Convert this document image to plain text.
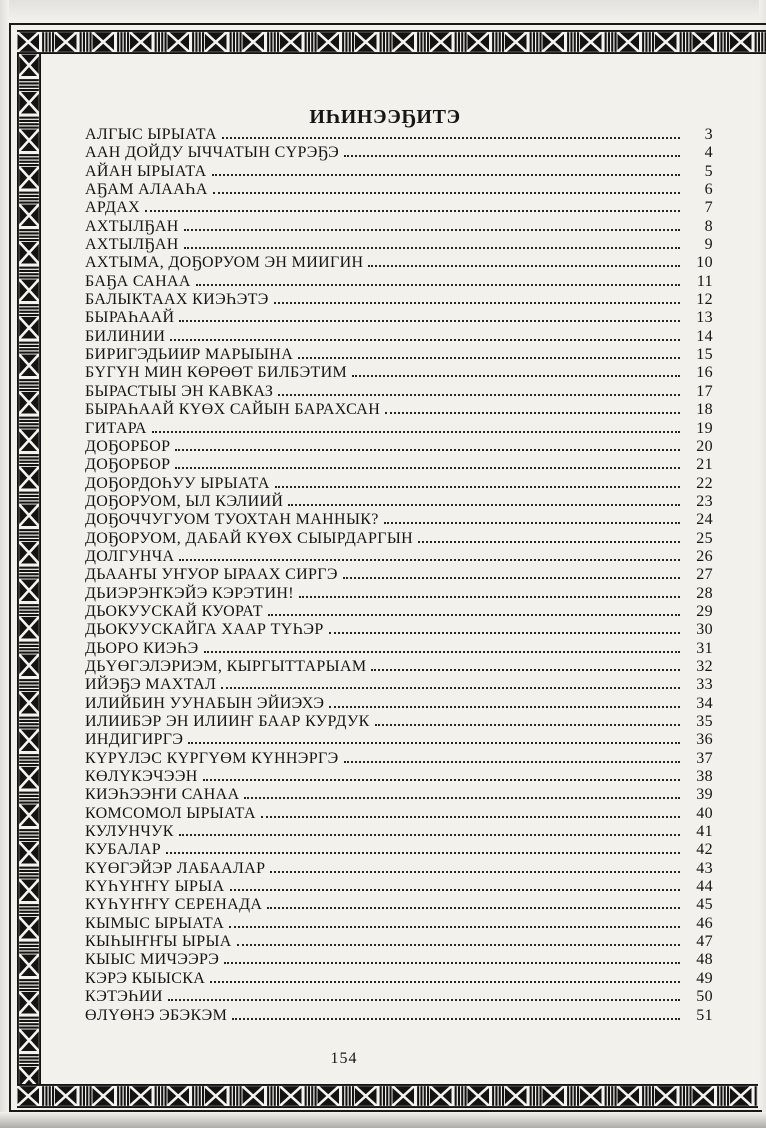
ИҺИНЭЭҔИТЭ
АЛГЫС ЫРЫАТА	3
ААН ДОЙДУ ЫЧЧАТЫН СҮРЭҔЭ	4
АЙАН ЫРЫАТА	5
АҔАМ АЛААҺА	6
АРДАХ	7
АХТЫЛҔАН	8
АХТЫЛҔАН	9
АХТЫМА, ДОҔОРУОМ ЭН МИИГИН	10
БАҔА САНАА	11
БАЛЫКТААХ КИЭҺЭТЭ	12
БЫРАҺААЙ	13
БИЛИНИИ	14
БИРИГЭДЬИИР МАРЫЫНА	15
БҮГҮН МИН КӨРӨӨТ БИЛБЭТИМ	16
БЫРАСТЫЫ ЭН КАВКАЗ	17
БЫРАҺААЙ КҮӨХ САЙЫН БАРАХСАН	18
ГИТАРА	19
ДОҔОРБОР	20
ДОҔОРБОР	21
ДОҔОРДОҺУУ ЫРЫАТА	22
ДОҔОРУОМ, ЫЛ КЭЛИИЙ	23
ДОҔОЧЧУГУОМ ТУОХТАН МАННЫК?	24
ДОҔОРУОМ, ДАБАЙ КҮӨХ СЫЫРДАРГЫН	25
ДОЛГУНЧА	26
ДЬААҤЫ УҤУОР ЫРААХ СИРГЭ	27
ДЬИЭРЭҤКЭЙЭ КЭРЭТИН!	28
ДЬОКУУСКАЙ КУОРАТ	29
ДЬОКУУСКАЙГА ХААР ТҮҺЭР	30
ДЬОРО КИЭҺЭ	31
ДЬҮӨГЭЛЭРИЭМ, КЫРГЫТТАРЫАМ	32
ИЙЭҔЭ МАХТАЛ	33
ИЛИЙБИН УУНАБЫН ЭЙИЭХЭ	34
ИЛИИБЭР ЭН ИЛИИҤ БААР КУРДУК	35
ИНДИГИРГЭ	36
КҮРҮЛЭС КҮРГҮӨМ КҮННЭРГЭ	37
КӨЛҮКЭЧЭЭН	38
КИЭҺЭЭҤИ САНАА	39
КОМСОМОЛ ЫРЫАТА	40
КУЛУНЧУК	41
КУБАЛАР	42
КҮӨГЭЙЭР ЛАБААЛАР	43
КҮҺҮҤҤҮ ЫРЫА	44
КҮҺҮҤҤҮ СЕРЕНАДА	45
КЫМЫС ЫРЫАТА	46
КЫҺЫҤҤЫ ЫРЫА	47
КЫЫС МИЧЭЭРЭ	48
КЭРЭ КЫЫСКА	49
КЭТЭҺИИ	50
ӨЛҮӨНЭ ЭБЭКЭМ	51
154
